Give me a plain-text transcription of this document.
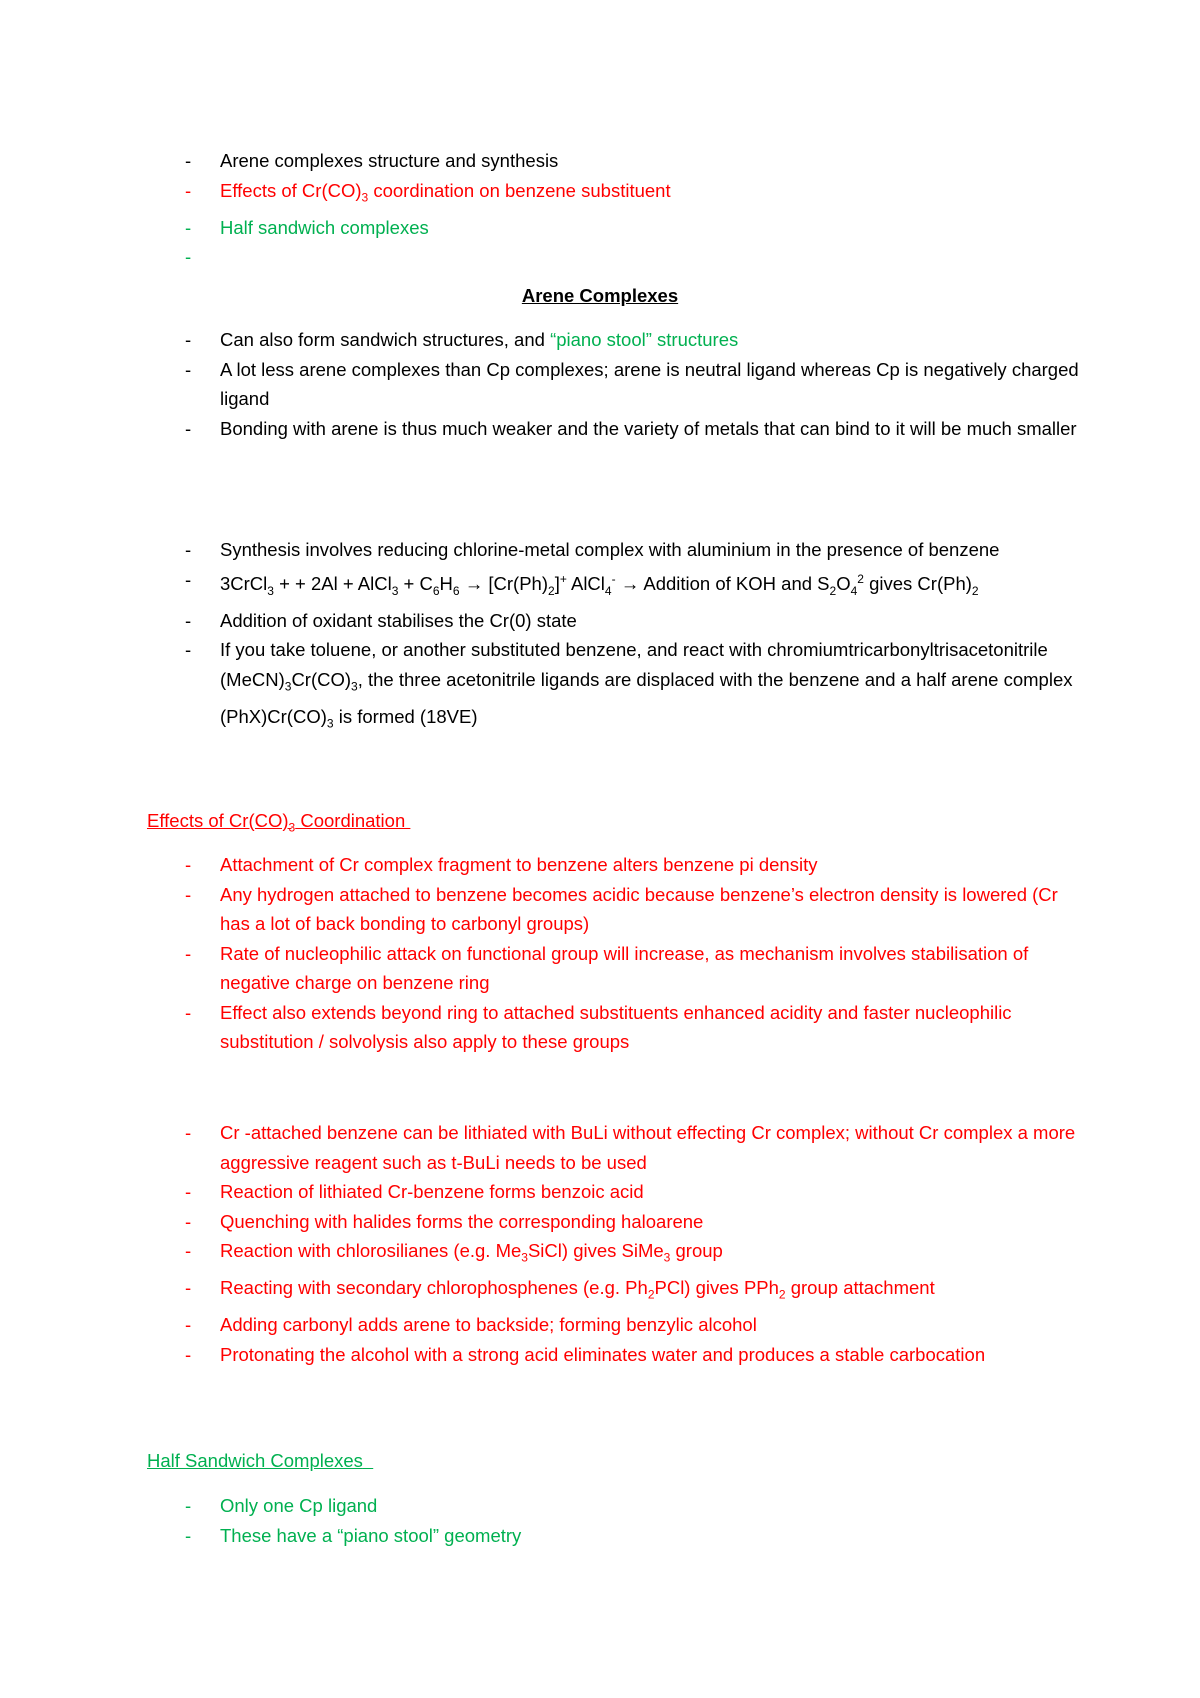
- Arene complexes structure and synthesis
- Effects of $Cr(CO)_3$ coordination on benzene substituent
- Half sandwich complexes
Arene Complexes
- Can also form sandwich structures, and “piano stool” structures
- A lot less arene complexes than Cp complexes; arene is neutral ligand whereas Cp is negatively charged ligand
- Bonding with arene is thus much weaker and the variety of metals that can bind to it will be much smaller
- Synthesis involves reducing chlorine-metal complex with aluminium in the presence of benzene
- 3CrCl$_3$ + + 2Al + AlCl$_3$ + $C_6H_6 \to [Cr(Ph)_2]^+$ AlCl$_4$- → Addition of KOH and $S_2O_4^2$ gives $Cr(Ph)_2$
- Addition of oxidant stabilises the Cr(0) state
- If you take toluene, or another substituted benzene, and react with chromiumtricarbonyltrisacetonitrile $(MeCN)_3Cr(CO)_3$, the three acetonitrile ligands are displaced with the benzene and a half arene complex $(PhX)Cr(CO)_3$ is formed (18VE)
Effects of $Cr(CO)_3$ Coordination
- Attachment of Cr complex fragment to benzene alters benzene pi density
- Any hydrogen attached to benzene becomes acidic because benzene’s electron density is lowered (Cr has a lot of back bonding to carbonyl groups)
- Rate of nucleophilic attack on functional group will increase, as mechanism involves stabilisation of negative charge on benzene ring
- Effect also extends beyond ring to attached substituents enhanced acidity and faster nucleophilic substitution / solvolysis also apply to these groups
- Cr -attached benzene can be lithiated with BuLi without effecting Cr complex; without Cr complex a more aggressive reagent such as t-BuLi needs to be used
- Reaction of lithiated Cr-benzene forms benzoic acid
- Quenching with halides forms the corresponding haloarene
- Reaction with chlorosilianes (e.g. $Me_3SiCl$) gives SiMe$_3$ group
- Reacting with secondary chlorophosphenes (e.g. $Ph_2PCl$) gives PPh$_2$ group attachment
- Adding carbonyl adds arene to backside; forming benzylic alcohol
- Protonating the alcohol with a strong acid eliminates water and produces a stable carbocation
Half Sandwich Complexes
- Only one Cp ligand
- These have a “piano stool” geometry
